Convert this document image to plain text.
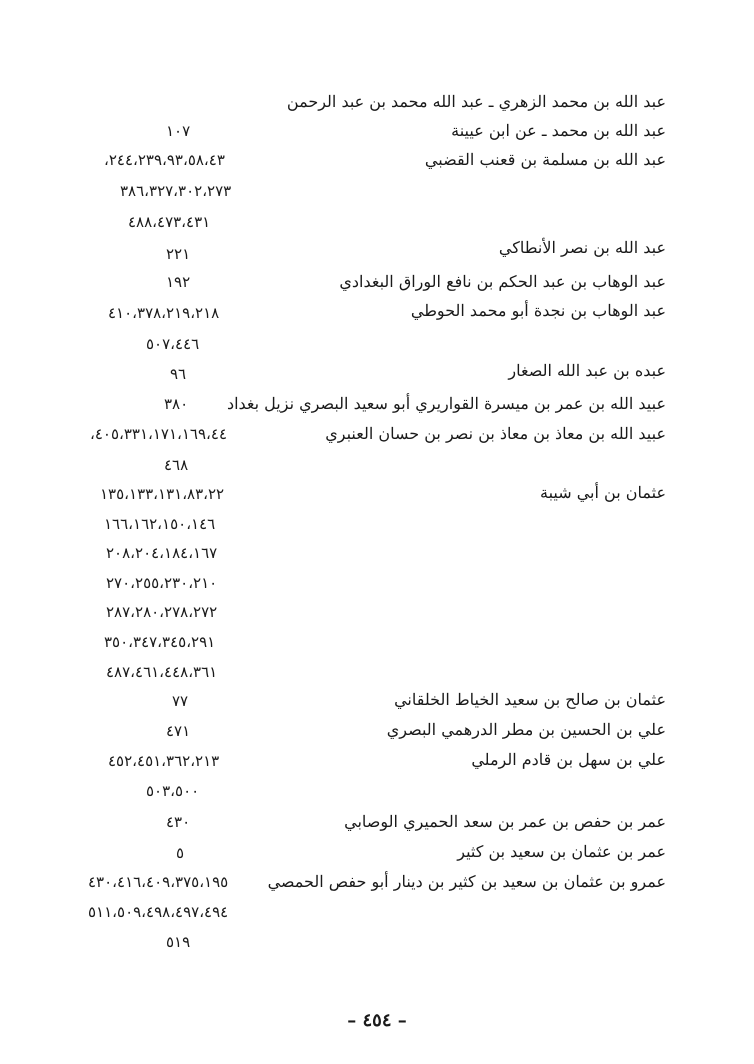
عبد الله بن محمد الزهري ـ عبد الله محمد بن عبد الرحمن
عبد الله بن محمد ـ عن ابن عيينة
١٠٧
عبد الله بن مسلمة بن قعنب القضبي
٢٤٤،٢٣٩،٩٣،٥٨،٤٣،
٣٨٦،٣٢٧،٣٠٢،٢٧٣
٤٨٨،٤٧٣،٤٣١
عبد الله بن نصر الأنطاكي
٢٢١
عبد الوهاب بن عبد الحكم بن نافع الوراق البغدادي
١٩٢
عبد الوهاب بن نجدة أبو محمد الحوطي
٤١٠،٣٧٨،٢١٩،٢١٨
٥٠٧،٤٤٦
عبده بن عبد الله الصغار
٩٦
عبيد الله بن عمر بن ميسرة القواريري أبو سعيد البصري نزيل بغداد
٣٨٠
عبيد الله بن معاذ بن معاذ بن نصر بن حسان العنبري
٤٠٥،٣٣١،١٧١،١٦٩،٤٤،
٤٦٨
عثمان بن أبي شيبة
١٣٥،١٣٣،١٣١،٨٣،٢٢
١٦٦،١٦٢،١٥٠،١٤٦
٢٠٨،٢٠٤،١٨٤،١٦٧
٢٧٠،٢٥٥،٢٣٠،٢١٠
٢٨٧،٢٨٠،٢٧٨،٢٧٢
٣٥٠،٣٤٧،٣٤٥،٢٩١
٤٨٧،٤٦١،٤٤٨،٣٦١
عثمان بن صالح بن سعيد الخياط الخلقاني
٧٧
علي بن الحسين بن مطر الدرهمي البصري
٤٧١
علي بن سهل بن قادم الرملي
٤٥٢،٤٥١،٣٦٢،٢١٣
٥٠٣،٥٠٠
عمر بن حفص بن عمر بن سعد الحميري الوصابي
٤٣٠
عمر بن عثمان بن سعيد بن كثير
٥
عمرو بن عثمان بن سعيد بن كثير بن دينار أبو حفص الحمصي
٤٣٠،٤١٦،٤٠٩،٣٧٥،١٩٥
٥١١،٥٠٩،٤٩٨،٤٩٧،٤٩٤
٥١٩
– ٤٥٤ –
